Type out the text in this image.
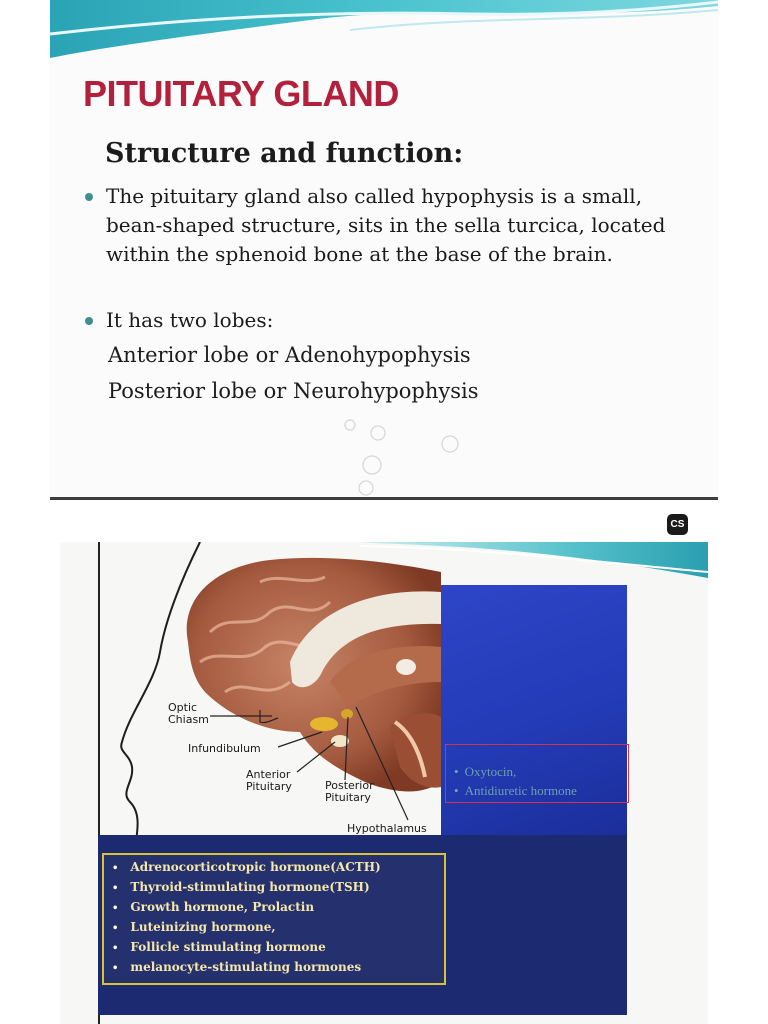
PITUITARY GLAND
Structure and function:
The pituitary gland also called hypophysis is a small, bean-shaped structure, sits in the sella turcica, located within the sphenoid bone at the base of the brain.
It has two lobes:
Anterior lobe or Adenohypophysis
Posterior lobe or Neurohypophysis
CS
• Oxytocin,
• Antidiuretic hormone
• Adrenocorticotropic hormone(ACTH)
• Thyroid-stimulating hormone(TSH)
• Growth hormone, Prolactin
• Luteinizing hormone,
• Follicle stimulating hormone
• melanocyte-stimulating hormones
Optic
Chiasm
Infundibulum
Anterior
Pituitary	Posterior
Pituitary
Hypothalamus
